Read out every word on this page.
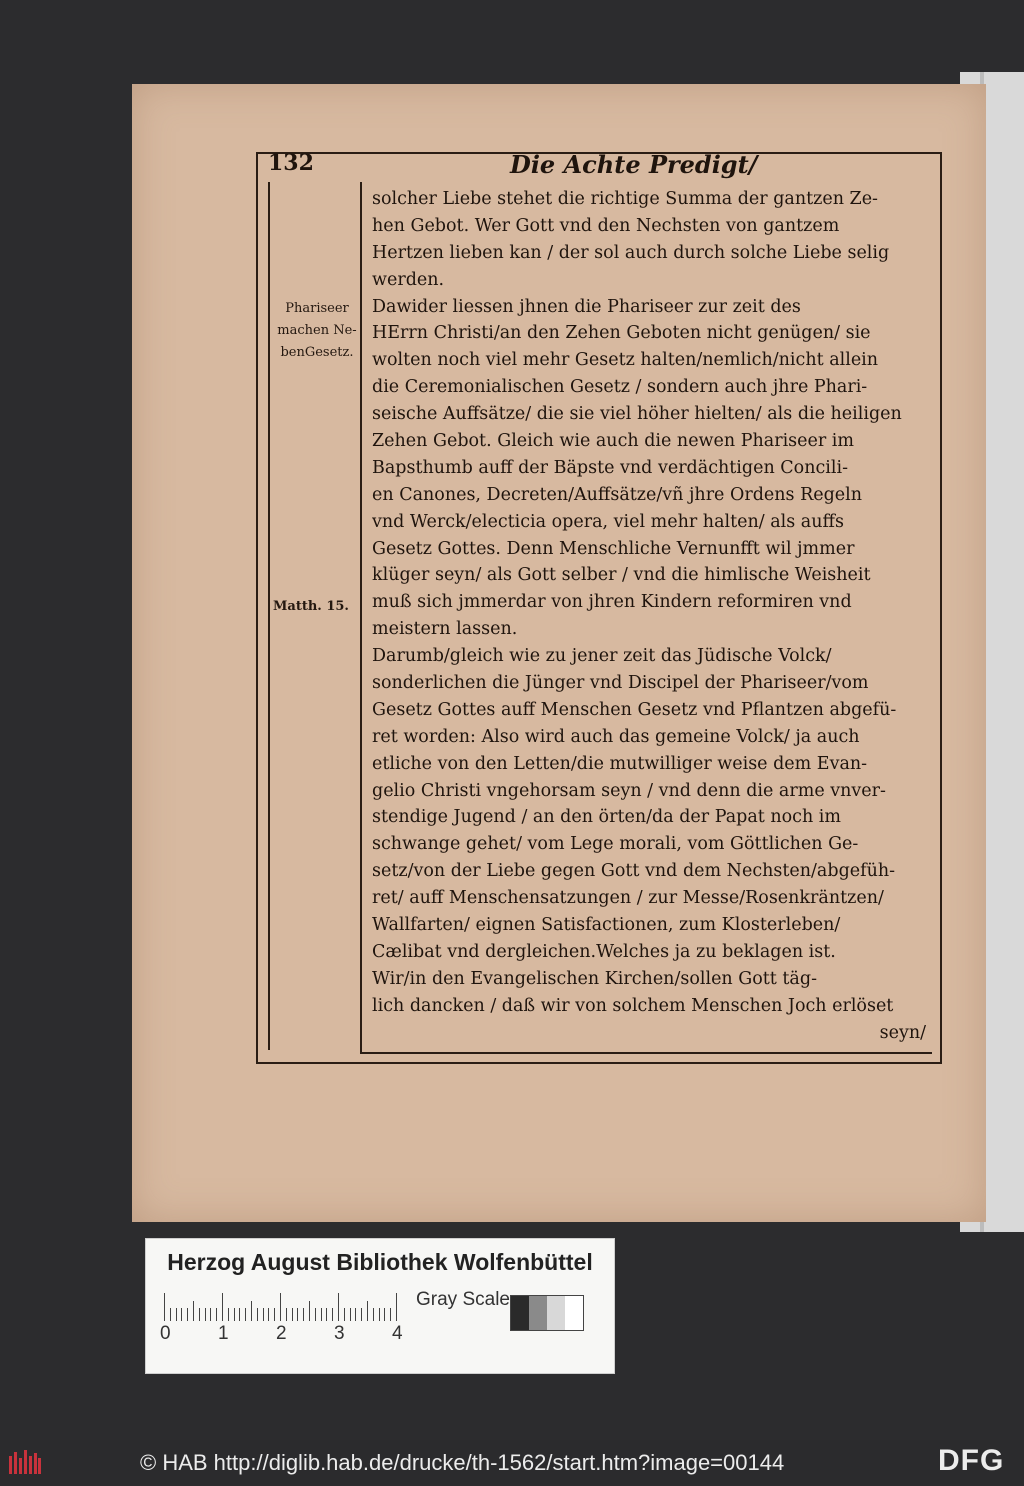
132	Die Achte Predigt/
Phariseer machen Ne- benGesetz.
Matth. 15.
solcher Liebe stehet die richtige Summa der gantzen Ze-
hen Gebot. Wer Gott vnd den Nechsten von gantzem
Hertzen lieben kan / der sol auch durch solche Liebe selig
werden.
Dawider liessen jhnen die Phariseer zur zeit des
HErrn Christi/an den Zehen Geboten nicht genügen/ sie
wolten noch viel mehr Gesetz halten/nemlich/nicht allein
die Ceremonialischen Gesetz / sondern auch jhre Phari-
seische Auffsätze/ die sie viel höher hielten/ als die heiligen
Zehen Gebot. Gleich wie auch die newen Phariseer im
Bapsthumb auff der Bäpste vnd verdächtigen Concili-
en Canones, Decreten/Auffsätze/vñ jhre Ordens Regeln
vnd Werck/electicia opera, viel mehr halten/ als auffs
Gesetz Gottes. Denn Menschliche Vernunfft wil jmmer
klüger seyn/ als Gott selber / vnd die himlische Weisheit
muß sich jmmerdar von jhren Kindern reformiren vnd
meistern lassen.
Darumb/gleich wie zu jener zeit das Jüdische Volck/
sonderlichen die Jünger vnd Discipel der Phariseer/vom
Gesetz Gottes auff Menschen Gesetz vnd Pflantzen abgefü-
ret worden: Also wird auch das gemeine Volck/ ja auch
etliche von den Letten/die mutwilliger weise dem Evan-
gelio Christi vngehorsam seyn / vnd denn die arme vnver-
stendige Jugend / an den örten/da der Papat noch im
schwange gehet/ vom Lege morali, vom Göttlichen Ge-
setz/von der Liebe gegen Gott vnd dem Nechsten/abgefüh-
ret/ auff Menschensatzungen / zur Messe/Rosenkräntzen/
Wallfarten/ eignen Satisfactionen, zum Klosterleben/
Cælibat vnd dergleichen.Welches ja zu beklagen ist.
Wir/in den Evangelischen Kirchen/sollen Gott täg-
lich dancken / daß wir von solchem Menschen Joch erlöset
seyn/
Herzog August Bibliothek Wolfenbüttel
0 1 2 3 4
Gray Scale
© HAB http://diglib.hab.de/drucke/th-1562/start.htm?image=00144	DFG
